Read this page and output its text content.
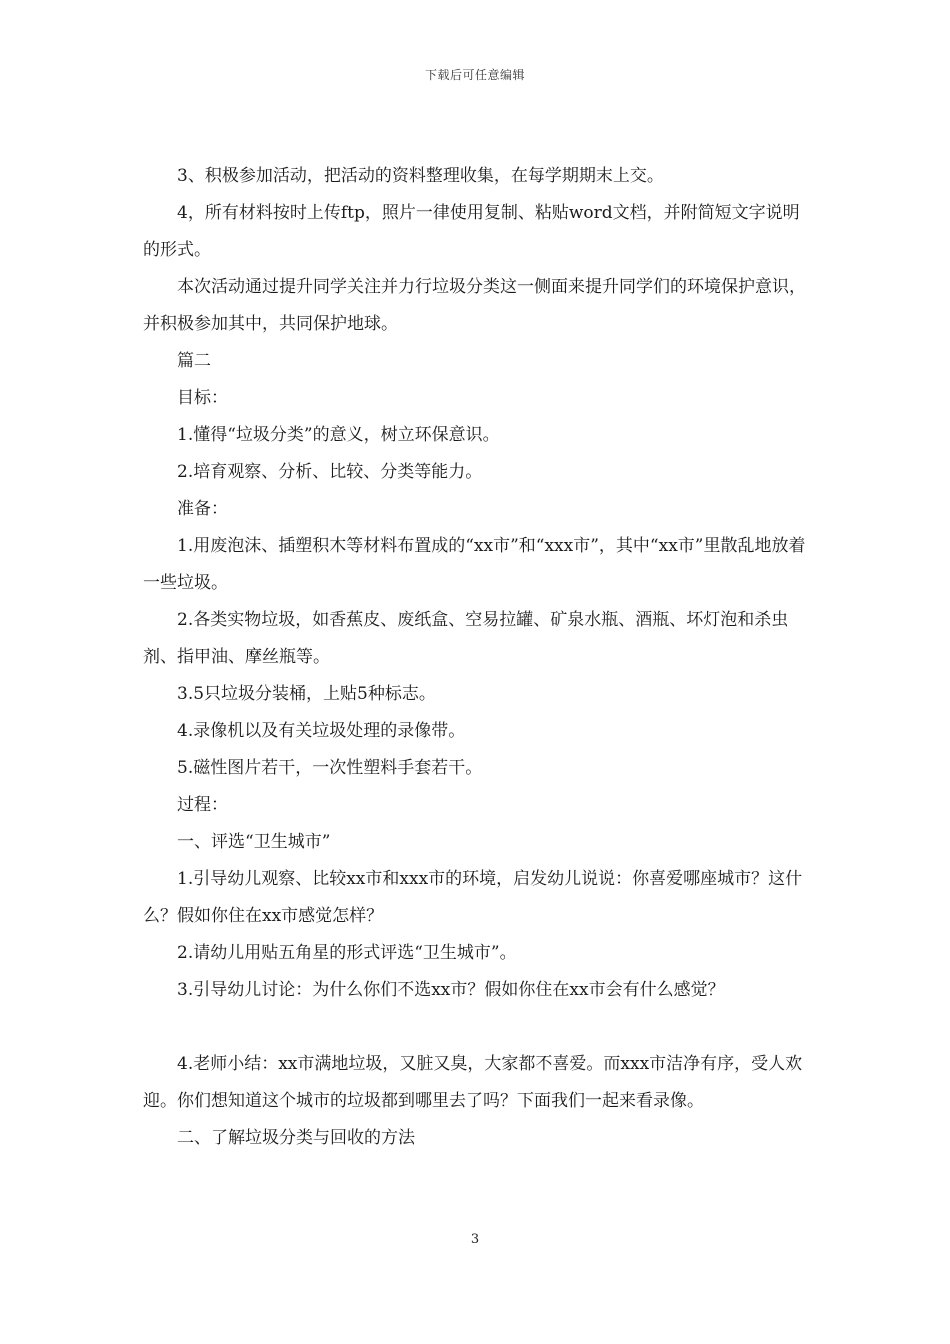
下载后可任意编辑

3、积极参加活动，把活动的资料整理收集，在每学期期末上交。

4，所有材料按时上传ftp，照片一律使用复制、粘贴word文档，并附简短文字说明的形式。

本次活动通过提升同学关注并力行垃圾分类这一侧面来提升同学们的环境保护意识，并积极参加其中，共同保护地球。

篇二

目标：

1.懂得“垃圾分类”的意义，树立环保意识。

2.培育观察、分析、比较、分类等能力。

准备：

1.用废泡沫、插塑积木等材料布置成的“xx市”和“xxx市”，其中“xx市”里散乱地放着一些垃圾。

2.各类实物垃圾，如香蕉皮、废纸盒、空易拉罐、矿泉水瓶、酒瓶、坏灯泡和杀虫剂、指甲油、摩丝瓶等。

3.5只垃圾分装桶，上贴5种标志。

4.录像机以及有关垃圾处理的录像带。

5.磁性图片若干，一次性塑料手套若干。

过程：

一、评选“卫生城市”

1.引导幼儿观察、比较xx市和xxx市的环境，启发幼儿说说：你喜爱哪座城市？这什么？假如你住在xx市感觉怎样？

2.请幼儿用贴五角星的形式评选“卫生城市”。

3.引导幼儿讨论：为什么你们不选xx市？假如你住在xx市会有什么感觉？

4.老师小结：xx市满地垃圾，又脏又臭，大家都不喜爱。而xxx市洁净有序，受人欢迎。你们想知道这个城市的垃圾都到哪里去了吗？下面我们一起来看录像。

二、了解垃圾分类与回收的方法

3
